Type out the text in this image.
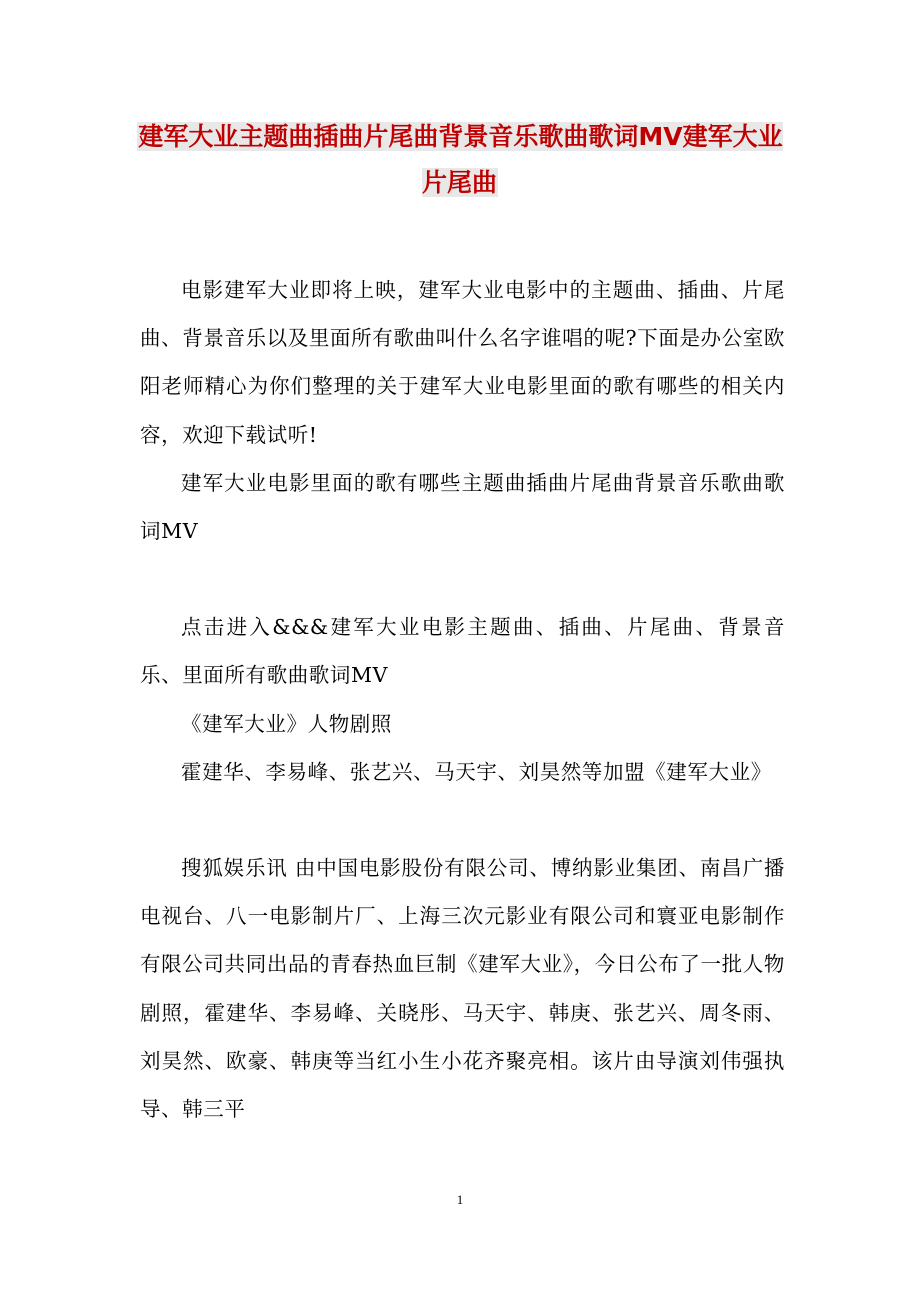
建军大业主题曲插曲片尾曲背景音乐歌曲歌词MV建军大业片尾曲

电影建军大业即将上映，建军大业电影中的主题曲、插曲、片尾曲、背景音乐以及里面所有歌曲叫什么名字谁唱的呢?下面是办公室欧阳老师精心为你们整理的关于建军大业电影里面的歌有哪些的相关内容，欢迎下载试听!

建军大业电影里面的歌有哪些主题曲插曲片尾曲背景音乐歌曲歌词MV

点击进入&&&建军大业电影主题曲、插曲、片尾曲、背景音乐、里面所有歌曲歌词MV

《建军大业》人物剧照

霍建华、李易峰、张艺兴、马天宇、刘昊然等加盟《建军大业》

搜狐娱乐讯 由中国电影股份有限公司、博纳影业集团、南昌广播电视台、八一电影制片厂、上海三次元影业有限公司和寰亚电影制作有限公司共同出品的青春热血巨制《建军大业》，今日公布了一批人物剧照，霍建华、李易峰、关晓彤、马天宇、韩庚、张艺兴、周冬雨、刘昊然、欧豪、韩庚等当红小生小花齐聚亮相。该片由导演刘伟强执导、韩三平

1
